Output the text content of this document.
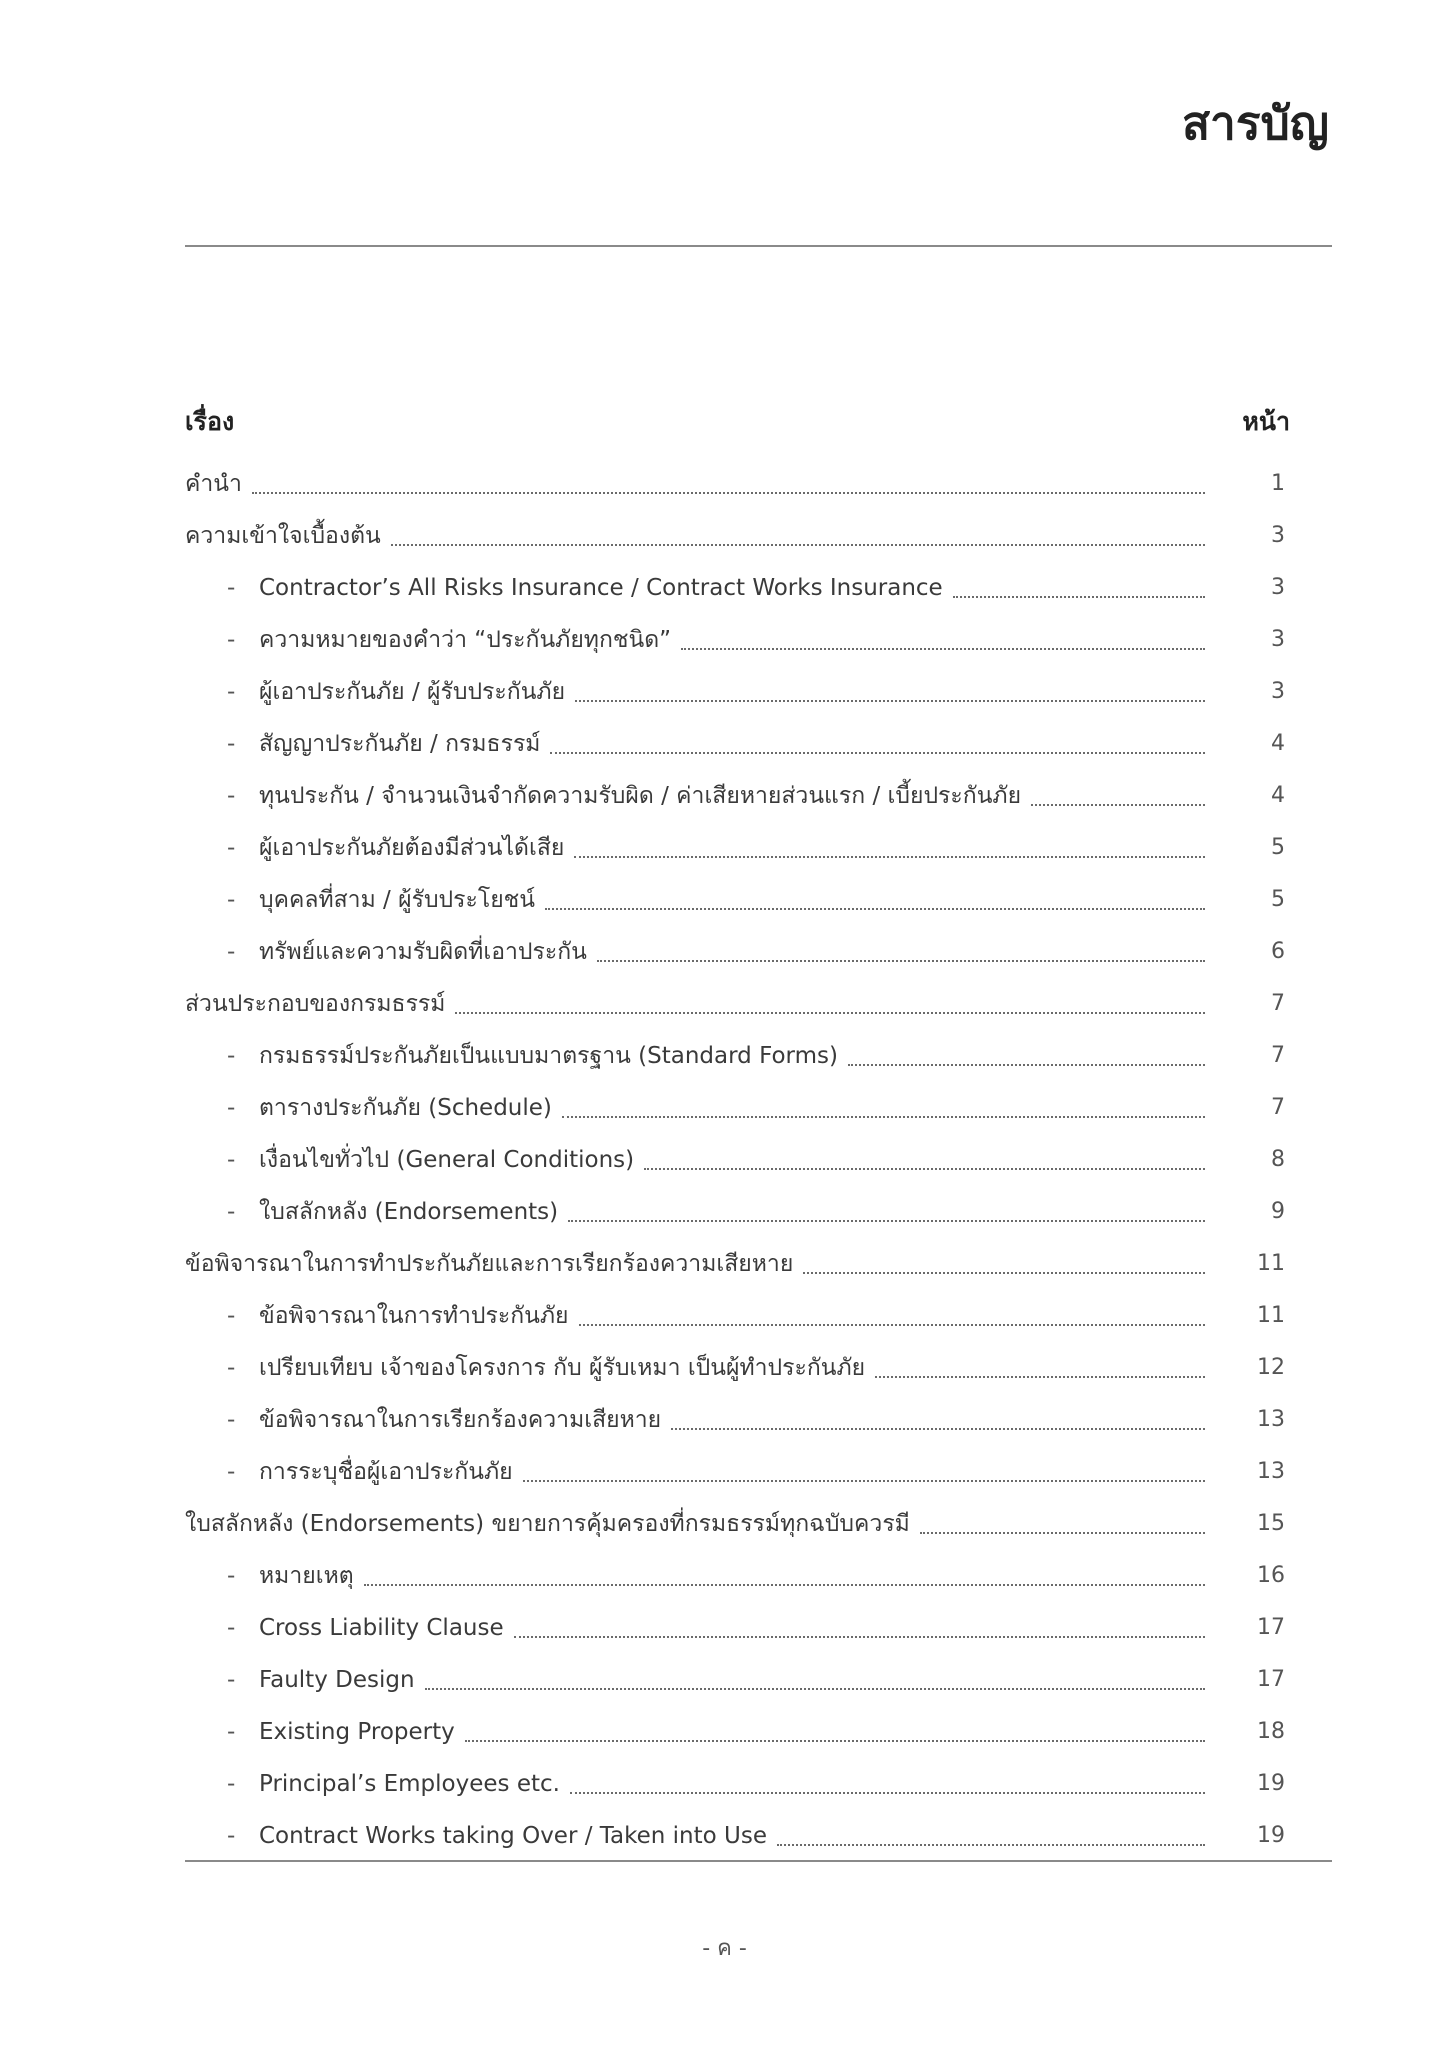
สารบัญ
เรื่อง	หน้า
คำนำ	1
ความเข้าใจเบื้องต้น	3
-	Contractor’s All Risks Insurance / Contract Works Insurance	3
-	ความหมายของคำว่า “ประกันภัยทุกชนิด”	3
-	ผู้เอาประกันภัย / ผู้รับประกันภัย	3
-	สัญญาประกันภัย / กรมธรรม์	4
-	ทุนประกัน / จำนวนเงินจำกัดความรับผิด / ค่าเสียหายส่วนแรก / เบี้ยประกันภัย	4
-	ผู้เอาประกันภัยต้องมีส่วนได้เสีย	5
-	บุคคลที่สาม / ผู้รับประโยชน์	5
-	ทรัพย์และความรับผิดที่เอาประกัน	6
ส่วนประกอบของกรมธรรม์	7
-	กรมธรรม์ประกันภัยเป็นแบบมาตรฐาน (Standard Forms)	7
-	ตารางประกันภัย (Schedule)	7
-	เงื่อนไขทั่วไป (General Conditions)	8
-	ใบสลักหลัง (Endorsements)	9
ข้อพิจารณาในการทำประกันภัยและการเรียกร้องความเสียหาย	11
-	ข้อพิจารณาในการทำประกันภัย	11
-	เปรียบเทียบ เจ้าของโครงการ กับ ผู้รับเหมา เป็นผู้ทำประกันภัย	12
-	ข้อพิจารณาในการเรียกร้องความเสียหาย	13
-	การระบุชื่อผู้เอาประกันภัย	13
ใบสลักหลัง (Endorsements) ขยายการคุ้มครองที่กรมธรรม์ทุกฉบับควรมี	15
-	หมายเหตุ	16
-	Cross Liability Clause	17
-	Faulty Design	17
-	Existing Property	18
-	Principal’s Employees etc.	19
-	Contract Works taking Over / Taken into Use	19
- ค -
